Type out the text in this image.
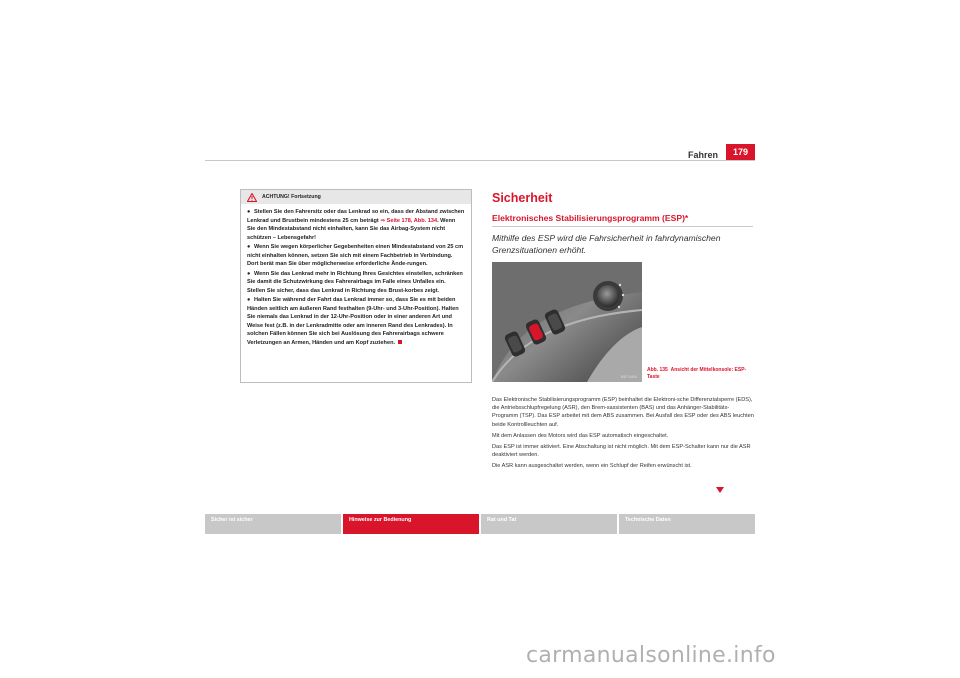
Fahren	179
ACHTUNG! Fortsetzung
● Stellen Sie den Fahrersitz oder das Lenkrad so ein, dass der Abstand zwischen Lenkrad und Brustbein mindestens 25 cm beträgt ⇒ Seite 178, Abb. 134. Wenn Sie den Mindestabstand nicht einhalten, kann Sie das Airbag-System nicht schützen – Lebensgefahr!
● Wenn Sie wegen körperlicher Gegebenheiten einen Mindestabstand von 25 cm nicht einhalten können, setzen Sie sich mit einem Fachbetrieb in Verbindung. Dort berät man Sie über möglicherweise erforderliche Ände-rungen.
● Wenn Sie das Lenkrad mehr in Richtung Ihres Gesichtes einstellen, schränken Sie damit die Schutzwirkung des Fahrerairbags im Falle eines Unfalles ein. Stellen Sie sicher, dass das Lenkrad in Richtung des Brust-korbes zeigt.
● Halten Sie während der Fahrt das Lenkrad immer so, dass Sie es mit beiden Händen seitlich am äußeren Rand festhalten (9-Uhr- und 3-Uhr-Position). Halten Sie niemals das Lenkrad in der 12-Uhr-Position oder in einer anderen Art und Weise fest (z.B. in der Lenkradmitte oder am inneren Rand des Lenkrades). In solchen Fällen können Sie sich bei Auslösung des Fahrerairbags schwere Verletzungen an Armen, Händen und am Kopf zuziehen.
Sicherheit
Elektronisches Stabilisierungsprogramm (ESP)*
Mithilfe des ESP wird die Fahrsicherheit in fahrdynamischen Grenzsituationen erhöht.
B5P-0406
Abb. 135 Ansicht der Mittelkonsole: ESP-Taste

Das Elektronische Stabilisierungsprogramm (ESP) beinhaltet die Elektroni-sche Differenzialsperre (EDS), die Antriebsschlupfregelung (ASR), den Brem-sassistenten (BAS) und das Anhänger-Stabilitäts-Programm (TSP). Das ESP arbeitet mit dem ABS zusammen. Bei Ausfall des ESP oder des ABS leuchten beide Kontrollleuchten auf.

Mit dem Anlassen des Motors wird das ESP automatisch eingeschaltet.

Das ESP ist immer aktiviert. Eine Abschaltung ist nicht möglich. Mit dem ESP-Schalter kann nur die ASR deaktiviert werden.

Die ASR kann ausgeschaltet werden, wenn ein Schlupf der Reifen erwünscht ist.

Sicher ist sicher	Hinweise zur Bedienung	Rat und Tat	Technische Daten
carmanualsonline.info
